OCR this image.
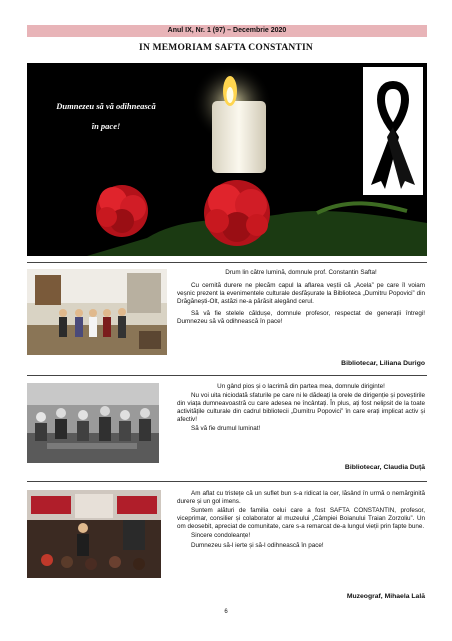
Anul IX, Nr. 1 (97) – Decembrie 2020
IN MEMORIAM SAFTA CONSTANTIN
Dumnezeu să vă odihnească
în pace!

Drum lin către lumină, domnule prof. Constantin Safta!

Cu cernită durere ne plecăm capul la aflarea veștii că „Acela” pe care îl voiam veșnic prezent la evenimentele culturale desfășurate la Biblioteca „Dumitru Popovici” din Drăgănești-Olt, astăzi ne-a părăsit alegând cerul.

Să vă fie stelele căldușe, domnule profesor, respectat de generații întregi! Dumnezeu să vă odihnească în pace!

Bibliotecar, Liliana Durigo

Un gând pios și o lacrimă din partea mea, domnule diriginte!

Nu voi uita niciodată sfaturile pe care ni le dădeați la orele de dirigenție și poveștirile din viața dumneavoastră cu care adesea ne încântați. În plus, ați fost nelipsit de la toate activitățile culturale din cadrul bibliotecii „Dumitru Popovici” în care erați implicat activ și afectiv!

Să vă fie drumul luminat!

Bibliotecar, Claudia Duță

Am aflat cu tristețe că un suflet bun s-a ridicat la cer, lăsând în urmă o nemărginită durere și un gol imens.

Suntem alături de familia celui care a fost SAFTA CONSTANTIN, profesor, viceprimar, consilier și colaborator al muzeului „Câmpiei Boianului Traian Zorzoliu”. Un om deosebit, apreciat de comunitate, care s-a remarcat de-a lungul vieții prin fapte bune.

Sincere condoleanțe!

Dumnezeu să-l ierte și să-l odihnească în pace!

Muzeograf, Mihaela Lală
6
